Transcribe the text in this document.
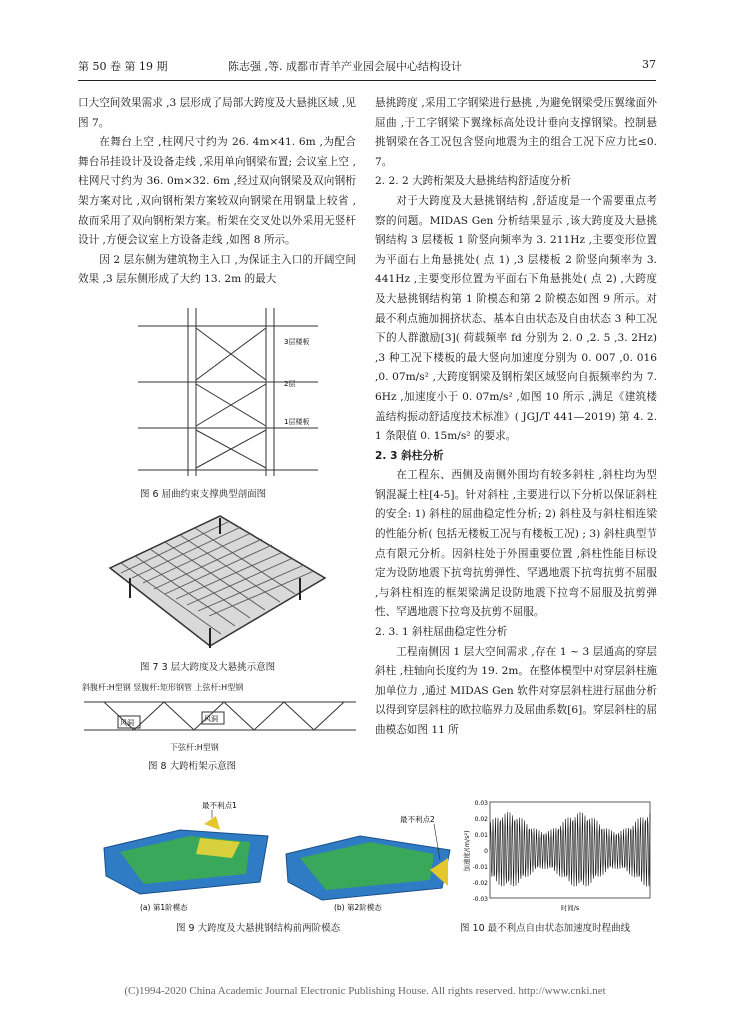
第 50 卷 第 19 期	陈志强 ,等. 成都市青羊产业园会展中心结构设计	37

口大空间效果需求 ,3 层形成了局部大跨度及大悬挑区域 ,见图 7。

在舞台上空 ,柱网尺寸约为 26. 4m×41. 6m ,为配合舞台吊挂设计及设备走线 ,采用单向钢梁布置; 会议室上空 ,柱网尺寸约为 36. 0m×32. 6m ,经过双向钢梁及双向钢桁架方案对比 ,双向钢桁架方案较双向钢梁在用钢量上较省 ,故而采用了双向钢桁架方案。桁架在交叉处以外采用无竖杆设计 ,方便会议室上方设备走线 ,如图 8 所示。

因 2 层东侧为建筑物主入口 ,为保证主入口的开阔空间效果 ,3 层东侧形成了大约 13. 2m 的最大

3层楼板
2层
1层楼板
图 6 屈曲约束支撑典型剖面图
图 7 3 层大跨度及大悬挑示意图
斜腹杆:H型钢 竖腹杆:矩形钢管 上弦杆:H型钢
风洞	风洞
下弦杆:H型钢
图 8 大跨桁架示意图

悬挑跨度 ,采用工字钢梁进行悬挑 ,为避免钢梁受压翼缘面外屈曲 ,于工字钢梁下翼缘标高处设计垂向支撑钢梁。控制悬挑钢梁在各工况包含竖向地震为主的组合工况下应力比≤0. 7。

2. 2. 2 大跨桁架及大悬挑结构舒适度分析

对于大跨度及大悬挑钢结构 ,舒适度是一个需要重点考察的问题。MIDAS Gen 分析结果显示 ,该大跨度及大悬挑钢结构 3 层楼板 1 阶竖向频率为 3. 211Hz ,主要变形位置为平面右上角悬挑处( 点 1) ,3 层楼板 2 阶竖向频率为 3. 441Hz ,主要变形位置为平面右下角悬挑处( 点 2) ,大跨度及大悬挑钢结构第 1 阶模态和第 2 阶模态如图 9 所示。对最不利点施加拥挤状态、基本自由状态及自由状态 3 种工况下的人群激励[3]( 荷载频率 fd 分别为 2. 0 ,2. 5 ,3. 2Hz) ,3 种工况下楼板的最大竖向加速度分别为 0. 007 ,0. 016 ,0. 07m/s² ,大跨度钢梁及钢桁架区域竖向自振频率约为 7. 6Hz ,加速度小于 0. 07m/s² ,如图 10 所示 ,满足《建筑楼盖结构振动舒适度技术标准》( JGJ/T 441—2019) 第 4. 2. 1 条限值 0. 15m/s² 的要求。

2. 3 斜柱分析

在工程东、西侧及南侧外围均有较多斜柱 ,斜柱均为型钢混凝土柱[4-5]。针对斜柱 ,主要进行以下分析以保证斜柱的安全: 1) 斜柱的屈曲稳定性分析; 2) 斜柱及与斜柱相连梁的性能分析( 包括无楼板工况与有楼板工况) ; 3) 斜柱典型节点有限元分析。因斜柱处于外围重要位置 ,斜柱性能目标设定为设防地震下抗弯抗剪弹性、罕遇地震下抗弯抗剪不屈服 ,与斜柱相连的框架梁满足设防地震下拉弯不屈服及抗剪弹性、罕遇地震下拉弯及抗剪不屈服。

2. 3. 1 斜柱屈曲稳定性分析

工程南侧因 1 层大空间需求 ,存在 1 ~ 3 层通高的穿层斜柱 ,柱轴向长度约为 19. 2m。在整体模型中对穿层斜柱施加单位力 ,通过 MIDAS Gen 软件对穿层斜柱进行屈曲分析以得到穿层斜柱的欧拉临界力及屈曲系数[6]。穿层斜柱的屈曲模态如图 11 所

最不利点1
最不利点2
(a) 第1阶模态	(b) 第2阶模态
图 9 大跨度及大悬挑钢结构前两阶模态
0.03
0.02
0.01
0
-0.01
-0.02
-0.03
加速度/(m/s²)
时间/s
图 10 最不利点自由状态加速度时程曲线
(C)1994-2020 China Academic Journal Electronic Publishing House. All rights reserved. http://www.cnki.net
